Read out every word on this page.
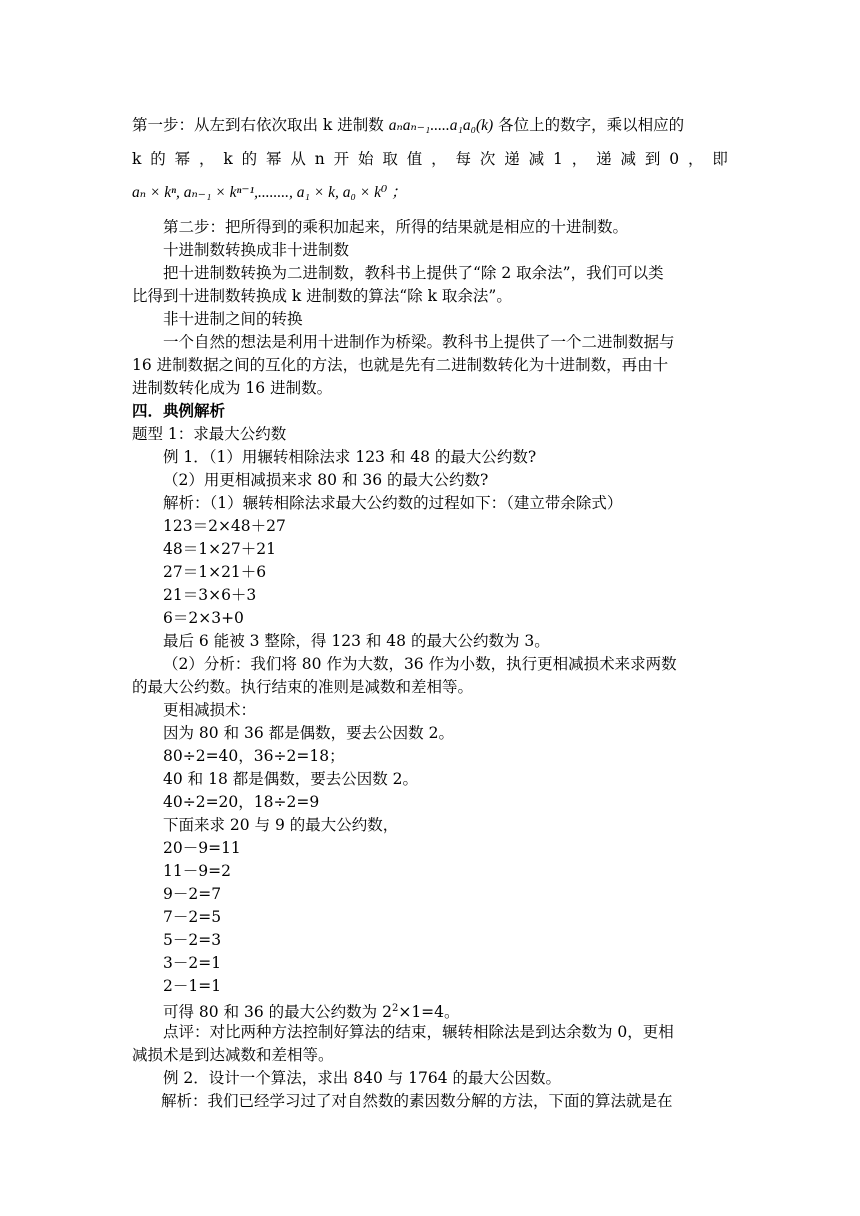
第一步：从左到右依次取出 k 进制数 aₙaₙ₋₁.....a₁a₀(k) 各位上的数字，乘以相应的
k 的 幂 ， k 的 幂 从 n 开 始 取 值 ， 每 次 递 减 1 ， 递 减 到 0 ， 即
aₙ × kⁿ, aₙ₋₁ × kⁿ⁻¹,........, a₁ × k, a₀ × k⁰ ；
第二步：把所得到的乘积加起来，所得的结果就是相应的十进制数。
十进制数转换成非十进制数
把十进制数转换为二进制数，教科书上提供了“除 2 取余法”，我们可以类
比得到十进制数转换成 k 进制数的算法“除 k 取余法”。
非十进制之间的转换
一个自然的想法是利用十进制作为桥梁。教科书上提供了一个二进制数据与
16 进制数据之间的互化的方法，也就是先有二进制数转化为十进制数，再由十
进制数转化成为 16 进制数。
四．典例解析
题型 1：求最大公约数
例 1．（1）用辗转相除法求 123 和 48 的最大公约数?
（2）用更相减损来求 80 和 36 的最大公约数?
解析：（1）辗转相除法求最大公约数的过程如下：（建立带余除式）
123＝2×48＋27
48＝1×27＋21
27＝1×21＋6
21＝3×6＋3
6＝2×3+0
最后 6 能被 3 整除，得 123 和 48 的最大公约数为 3。
（2）分析：我们将 80 作为大数，36 作为小数，执行更相减损术来求两数
的最大公约数。执行结束的准则是减数和差相等。
更相减损术：
因为 80 和 36 都是偶数，要去公因数 2。
80÷2=40，36÷2=18；
40 和 18 都是偶数，要去公因数 2。
40÷2=20，18÷2=9
下面来求 20 与 9 的最大公约数，
20－9=11
11－9=2
9－2=7
7－2=5
5－2=3
3－2=1
2－1=1
可得 80 和 36 的最大公约数为 $2^2\times 1=4$。
点评：对比两种方法控制好算法的结束，辗转相除法是到达余数为 0，更相
减损术是到达减数和差相等。
例 2．设计一个算法，求出 840 与 1764 的最大公因数。
解析：我们已经学习过了对自然数的素因数分解的方法，下面的算法就是在
